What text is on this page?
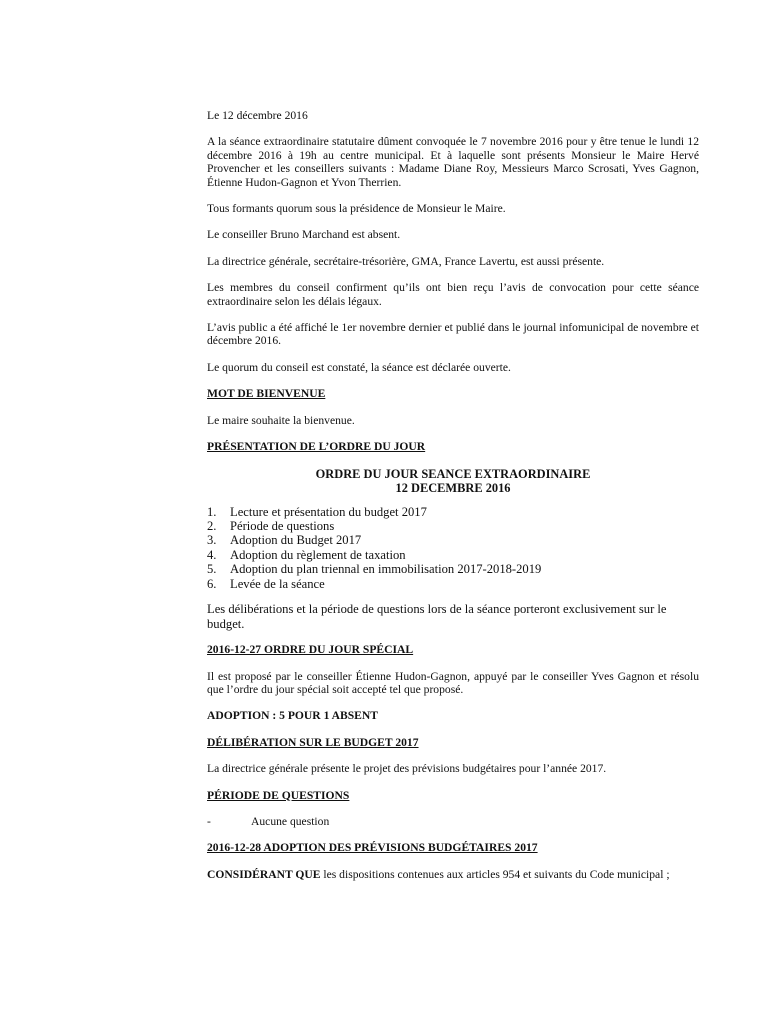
Le 12 décembre 2016

A la séance extraordinaire statutaire dûment convoquée le 7 novembre 2016 pour y être tenue le lundi 12 décembre 2016 à 19h au centre municipal. Et à laquelle sont présents Monsieur le Maire Hervé Provencher et les conseillers suivants : Madame Diane Roy, Messieurs Marco Scrosati, Yves Gagnon, Étienne Hudon-Gagnon et Yvon Therrien.

Tous formants quorum sous la présidence de Monsieur le Maire.

Le conseiller Bruno Marchand est absent.

La directrice générale, secrétaire-trésorière, GMA, France Lavertu, est aussi présente.

Les membres du conseil confirment qu’ils ont bien reçu l’avis de convocation pour cette séance extraordinaire selon les délais légaux.

L’avis public a été affiché le 1er novembre dernier et publié dans le journal infomunicipal de novembre et décembre 2016.

Le quorum du conseil est constaté, la séance est déclarée ouverte.

MOT DE BIENVENUE

Le maire souhaite la bienvenue.

PRÉSENTATION DE L’ORDRE DU JOUR

ORDRE DU JOUR SEANCE EXTRAORDINAIRE

12 DECEMBRE 2016

1.	Lecture et présentation du budget 2017
2.	Période de questions
3.	Adoption du Budget 2017
4.	Adoption du règlement de taxation
5.	Adoption du plan triennal en immobilisation 2017-2018-2019
6.	Levée de la séance

Les délibérations et la période de questions lors de la séance porteront exclusivement sur le budget.

2016-12-27 ORDRE DU JOUR SPÉCIAL

Il est proposé par le conseiller Étienne Hudon-Gagnon, appuyé par le conseiller Yves Gagnon et résolu que l’ordre du jour spécial soit accepté tel que proposé.

ADOPTION : 5 POUR 1 ABSENT

DÉLIBÉRATION SUR LE BUDGET 2017

La directrice générale présente le projet des prévisions budgétaires pour l’année 2017.

PÉRIODE DE QUESTIONS

-	Aucune question

2016-12-28 ADOPTION DES PRÉVISIONS BUDGÉTAIRES 2017

CONSIDÉRANT QUE les dispositions contenues aux articles 954 et suivants du Code municipal ;
